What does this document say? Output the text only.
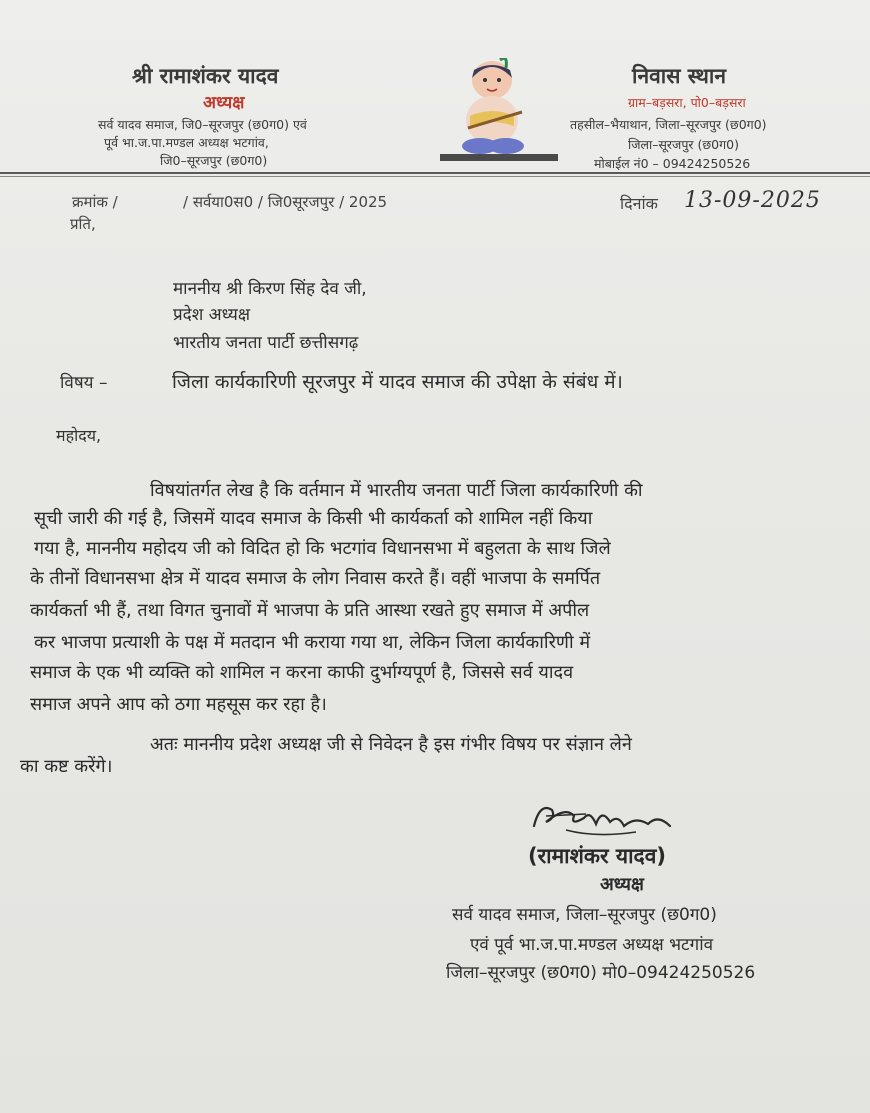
श्री रामाशंकर यादव
अध्यक्ष
सर्व यादव समाज, जि0–सूरजपुर (छ0ग0) एवं
पूर्व भा.ज.पा.मण्डल अध्यक्ष भटगांव,
जि0–सूरजपुर (छ0ग0)
निवास स्थान
ग्राम–बड़सरा, पो0–बड़सरा
तहसील–भैयाथान, जिला–सूरजपुर (छ0ग0)
जिला–सूरजपुर (छ0ग0)
मोबाईल नं0 – 09424250526
क्रमांक /	/ सर्वया0स0 / जि0सूरजपुर / 2025
प्रति,
दिनांक 13-09-2025
माननीय श्री किरण सिंह देव जी,
प्रदेश अध्यक्ष
भारतीय जनता पार्टी छत्तीसगढ़
विषय –	जिला कार्यकारिणी सूरजपुर में यादव समाज की उपेक्षा के संबंध में।
महोदय,
विषयांतर्गत लेख है कि वर्तमान में भारतीय जनता पार्टी जिला कार्यकारिणी की
सूची जारी की गई है, जिसमें यादव समाज के किसी भी कार्यकर्ता को शामिल नहीं किया
गया है, माननीय महोदय जी को विदित हो कि भटगांव विधानसभा में बहुलता के साथ जिले
के तीनों विधानसभा क्षेत्र में यादव समाज के लोग निवास करते हैं। वहीं भाजपा के समर्पित
कार्यकर्ता भी हैं, तथा विगत चुनावों में भाजपा के प्रति आस्था रखते हुए समाज में अपील
कर भाजपा प्रत्याशी के पक्ष में मतदान भी कराया गया था, लेकिन जिला कार्यकारिणी में
समाज के एक भी व्यक्ति को शामिल न करना काफी दुर्भाग्यपूर्ण है, जिससे सर्व यादव
समाज अपने आप को ठगा महसूस कर रहा है।
अतः माननीय प्रदेश अध्यक्ष जी से निवेदन है इस गंभीर विषय पर संज्ञान लेने
का कष्ट करेंगे।
(रामाशंकर यादव)
अध्यक्ष
सर्व यादव समाज, जिला–सूरजपुर (छ0ग0)
एवं पूर्व भा.ज.पा.मण्डल अध्यक्ष भटगांव
जिला–सूरजपुर (छ0ग0) मो0–09424250526
